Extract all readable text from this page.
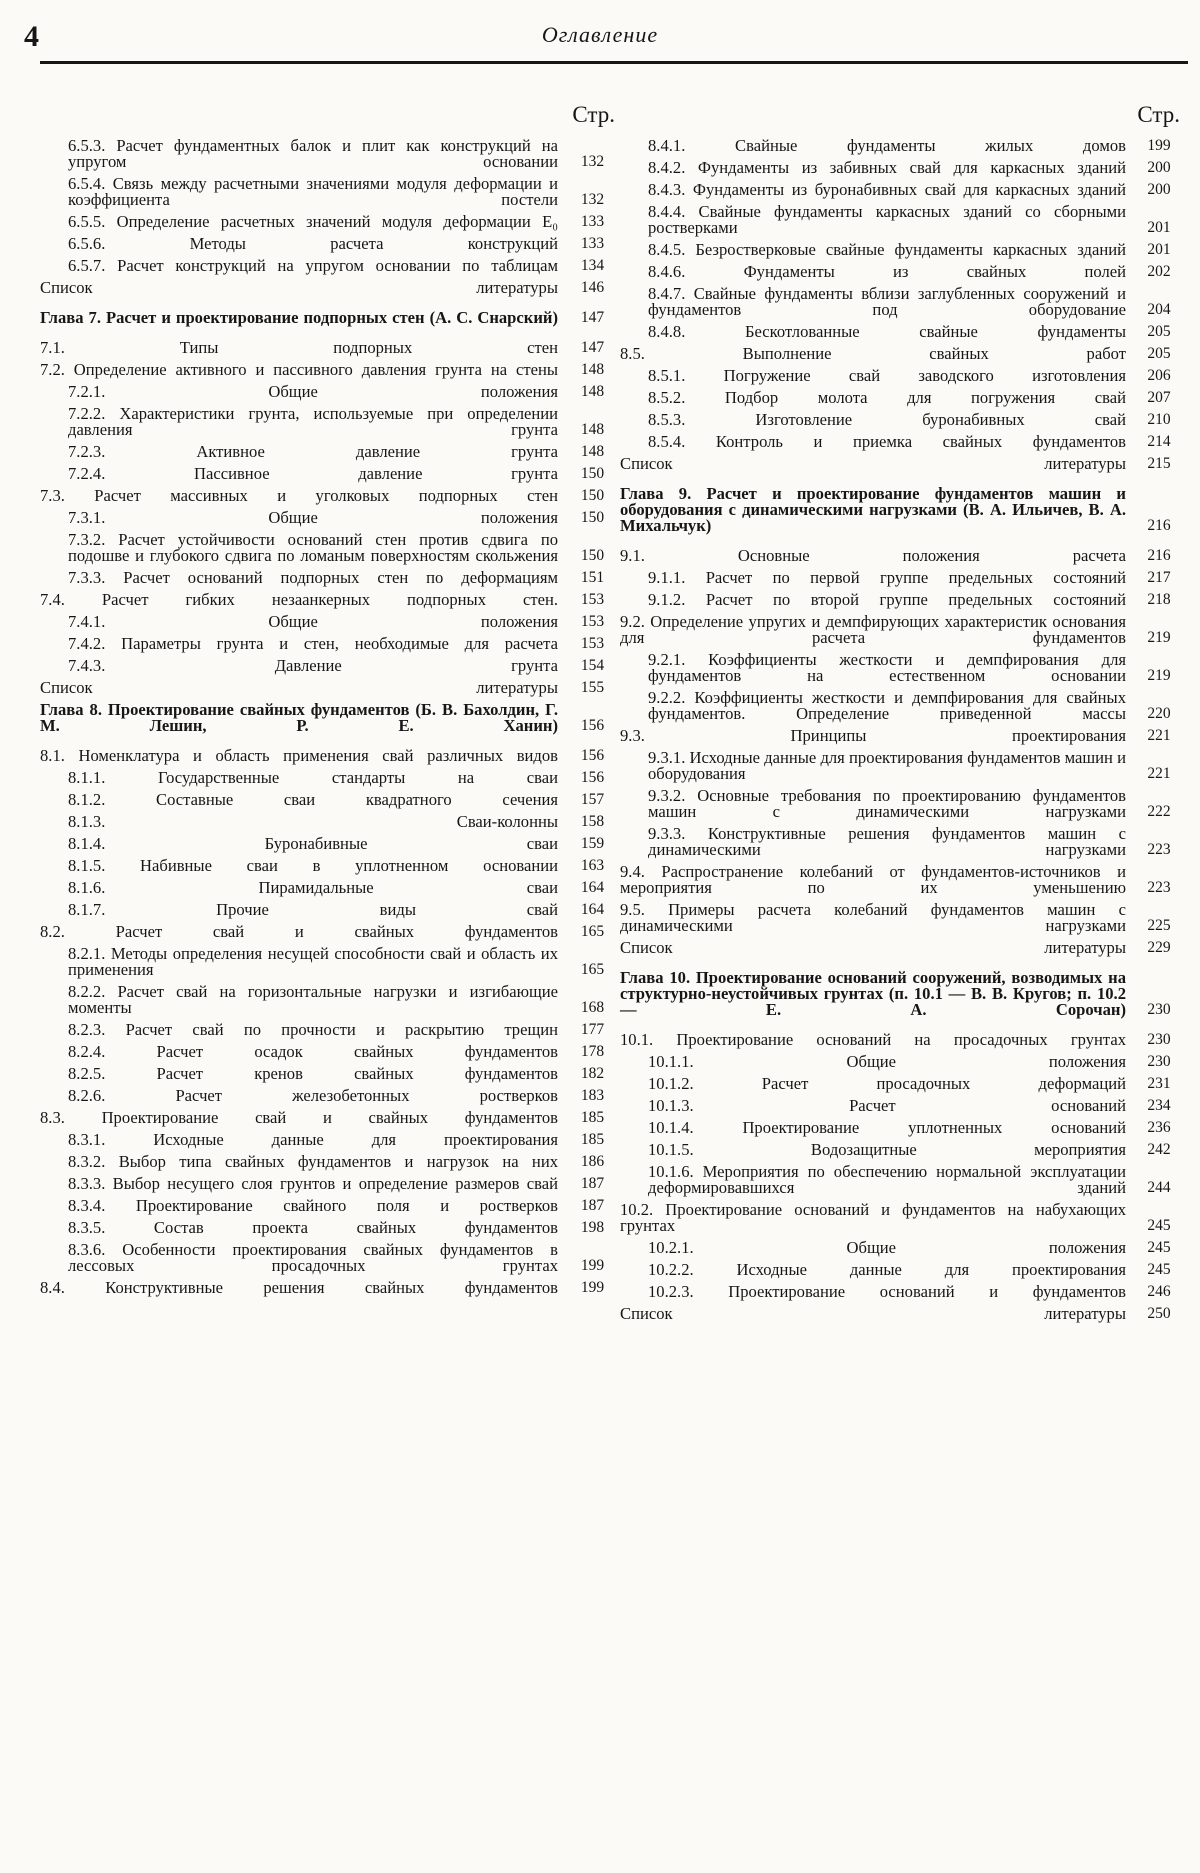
4	Оглавление
Стр.
6.5.3. Расчет фундаментных балок и плит как конструкций на упругом основании	132
6.5.4. Связь между расчетными значениями модуля деформации и коэффициента постели	132
6.5.5. Определение расчетных значений модуля деформации E₀	133
6.5.6. Методы расчета конструкций	133
6.5.7. Расчет конструкций на упругом основании по таблицам	134
Список литературы	146
Глава 7. Расчет и проектирование подпорных стен (А. С. Снарский)	147
7.1. Типы подпорных стен	147
7.2. Определение активного и пассивного давления грунта на стены	148
7.2.1. Общие положения	148
7.2.2. Характеристики грунта, используемые при определении давления грунта	148
7.2.3. Активное давление грунта	148
7.2.4. Пассивное давление грунта	150
7.3. Расчет массивных и уголковых подпорных стен	150
7.3.1. Общие положения	150
7.3.2. Расчет устойчивости оснований стен против сдвига по подошве и глубокого сдвига по ломаным поверхностям скольжения	150
7.3.3. Расчет оснований подпорных стен по деформациям	151
7.4. Расчет гибких незаанкерных подпорных стен.	153
7.4.1. Общие положения	153
7.4.2. Параметры грунта и стен, необходимые для расчета	153
7.4.3. Давление грунта	154
Список литературы	155
Глава 8. Проектирование свайных фундаментов (Б. В. Бахолдин, Г. М. Лешин, Р. Е. Ханин)	156
8.1. Номенклатура и область применения свай различных видов	156
8.1.1. Государственные стандарты на сваи	156
8.1.2. Составные сваи квадратного сечения	157
8.1.3. Сваи-колонны	158
8.1.4. Буронабивные сваи	159
8.1.5. Набивные сваи в уплотненном основании	163
8.1.6. Пирамидальные сваи	164
8.1.7. Прочие виды свай	164
8.2. Расчет свай и свайных фундаментов	165
8.2.1. Методы определения несущей способности свай и область их применения	165
8.2.2. Расчет свай на горизонтальные нагрузки и изгибающие моменты	168
8.2.3. Расчет свай по прочности и раскрытию трещин	177
8.2.4. Расчет осадок свайных фундаментов	178
8.2.5. Расчет кренов свайных фундаментов	182
8.2.6. Расчет железобетонных ростверков	183
8.3. Проектирование свай и свайных фундаментов	185
8.3.1. Исходные данные для проектирования	185
8.3.2. Выбор типа свайных фундаментов и нагрузок на них	186
8.3.3. Выбор несущего слоя грунтов и определение размеров свай	187
8.3.4. Проектирование свайного поля и ростверков	187
8.3.5. Состав проекта свайных фундаментов	198
8.3.6. Особенности проектирования свайных фундаментов в лессовых просадочных грунтах	199
8.4. Конструктивные решения свайных фундаментов	199
Стр.
8.4.1. Свайные фундаменты жилых домов	199
8.4.2. Фундаменты из забивных свай для каркасных зданий	200
8.4.3. Фундаменты из буронабивных свай для каркасных зданий	200
8.4.4. Свайные фундаменты каркасных зданий со сборными ростверками	201
8.4.5. Безростверковые свайные фундаменты каркасных зданий	201
8.4.6. Фундаменты из свайных полей	202
8.4.7. Свайные фундаменты вблизи заглубленных сооружений и фундаментов под оборудование	204
8.4.8. Бескотлованные свайные фундаменты	205
8.5. Выполнение свайных работ	205
8.5.1. Погружение свай заводского изготовления	206
8.5.2. Подбор молота для погружения свай	207
8.5.3. Изготовление буронабивных свай	210
8.5.4. Контроль и приемка свайных фундаментов	214
Список литературы	215
Глава 9. Расчет и проектирование фундаментов машин и оборудования с динамическими нагрузками (В. А. Ильичев, В. А. Михальчук)	216
9.1. Основные положения расчета	216
9.1.1. Расчет по первой группе предельных состояний	217
9.1.2. Расчет по второй группе предельных состояний	218
9.2. Определение упругих и демпфирующих характеристик основания для расчета фундаментов	219
9.2.1. Коэффициенты жесткости и демпфирования для фундаментов на естественном основании	219
9.2.2. Коэффициенты жесткости и демпфирования для свайных фундаментов. Определение приведенной массы	220
9.3. Принципы проектирования	221
9.3.1. Исходные данные для проектирования фундаментов машин и оборудования	221
9.3.2. Основные требования по проектированию фундаментов машин с динамическими нагрузками	222
9.3.3. Конструктивные решения фундаментов машин с динамическими нагрузками	223
9.4. Распространение колебаний от фундаментов-источников и мероприятия по их уменьшению	223
9.5. Примеры расчета колебаний фундаментов машин с динамическими нагрузками	225
Список литературы	229
Глава 10. Проектирование оснований сооружений, возводимых на структурно-неустойчивых грунтах (п. 10.1 — В. В. Кругов; п. 10.2— Е. А. Сорочан)	230
10.1. Проектирование оснований на просадочных грунтах	230
10.1.1. Общие положения	230
10.1.2. Расчет просадочных деформаций	231
10.1.3. Расчет оснований	234
10.1.4. Проектирование уплотненных оснований	236
10.1.5. Водозащитные мероприятия	242
10.1.6. Мероприятия по обеспечению нормальной эксплуатации деформировавшихся зданий	244
10.2. Проектирование оснований и фундаментов на набухающих грунтах	245
10.2.1. Общие положения	245
10.2.2. Исходные данные для проектирования	245
10.2.3. Проектирование оснований и фундаментов	246
Список литературы	250
